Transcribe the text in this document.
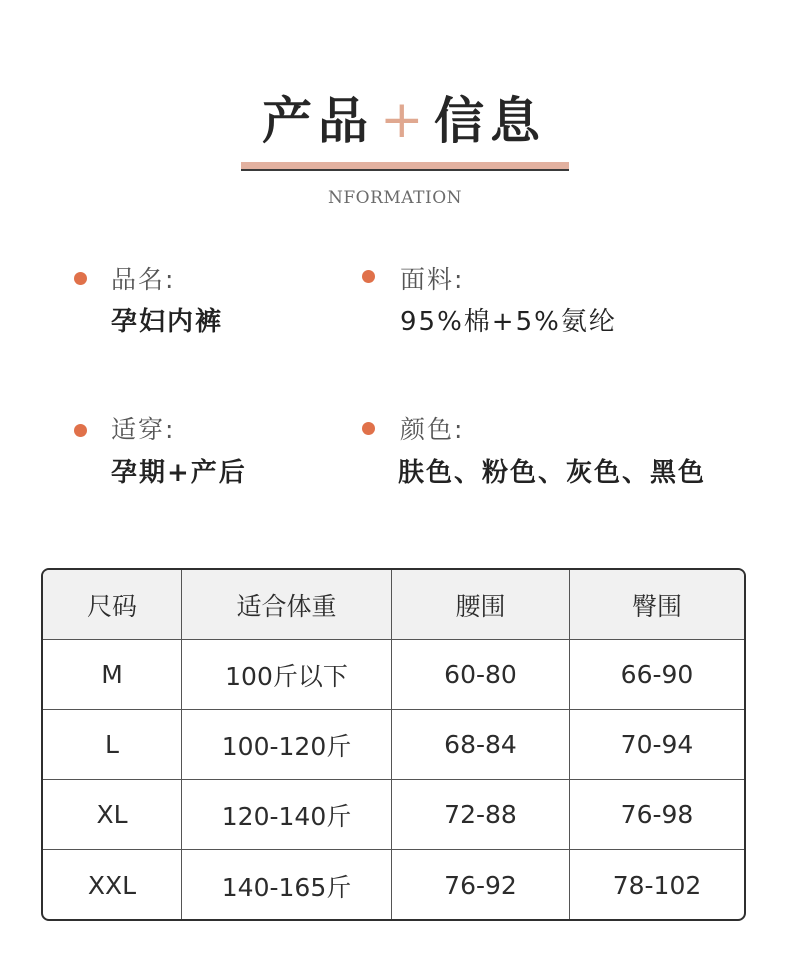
产品 + 信息
NFORMATION
品名:
孕妇内裤
面料:
95%棉+5%氨纶
适穿:
孕期+产后
颜色:
肤色、粉色、灰色、黑色
尺码	适合体重	腰围	臀围
M	100斤以下	60-80	66-90
L	100-120斤	68-84	70-94
XL	120-140斤	72-88	76-98
XXL	140-165斤	76-92	78-102
